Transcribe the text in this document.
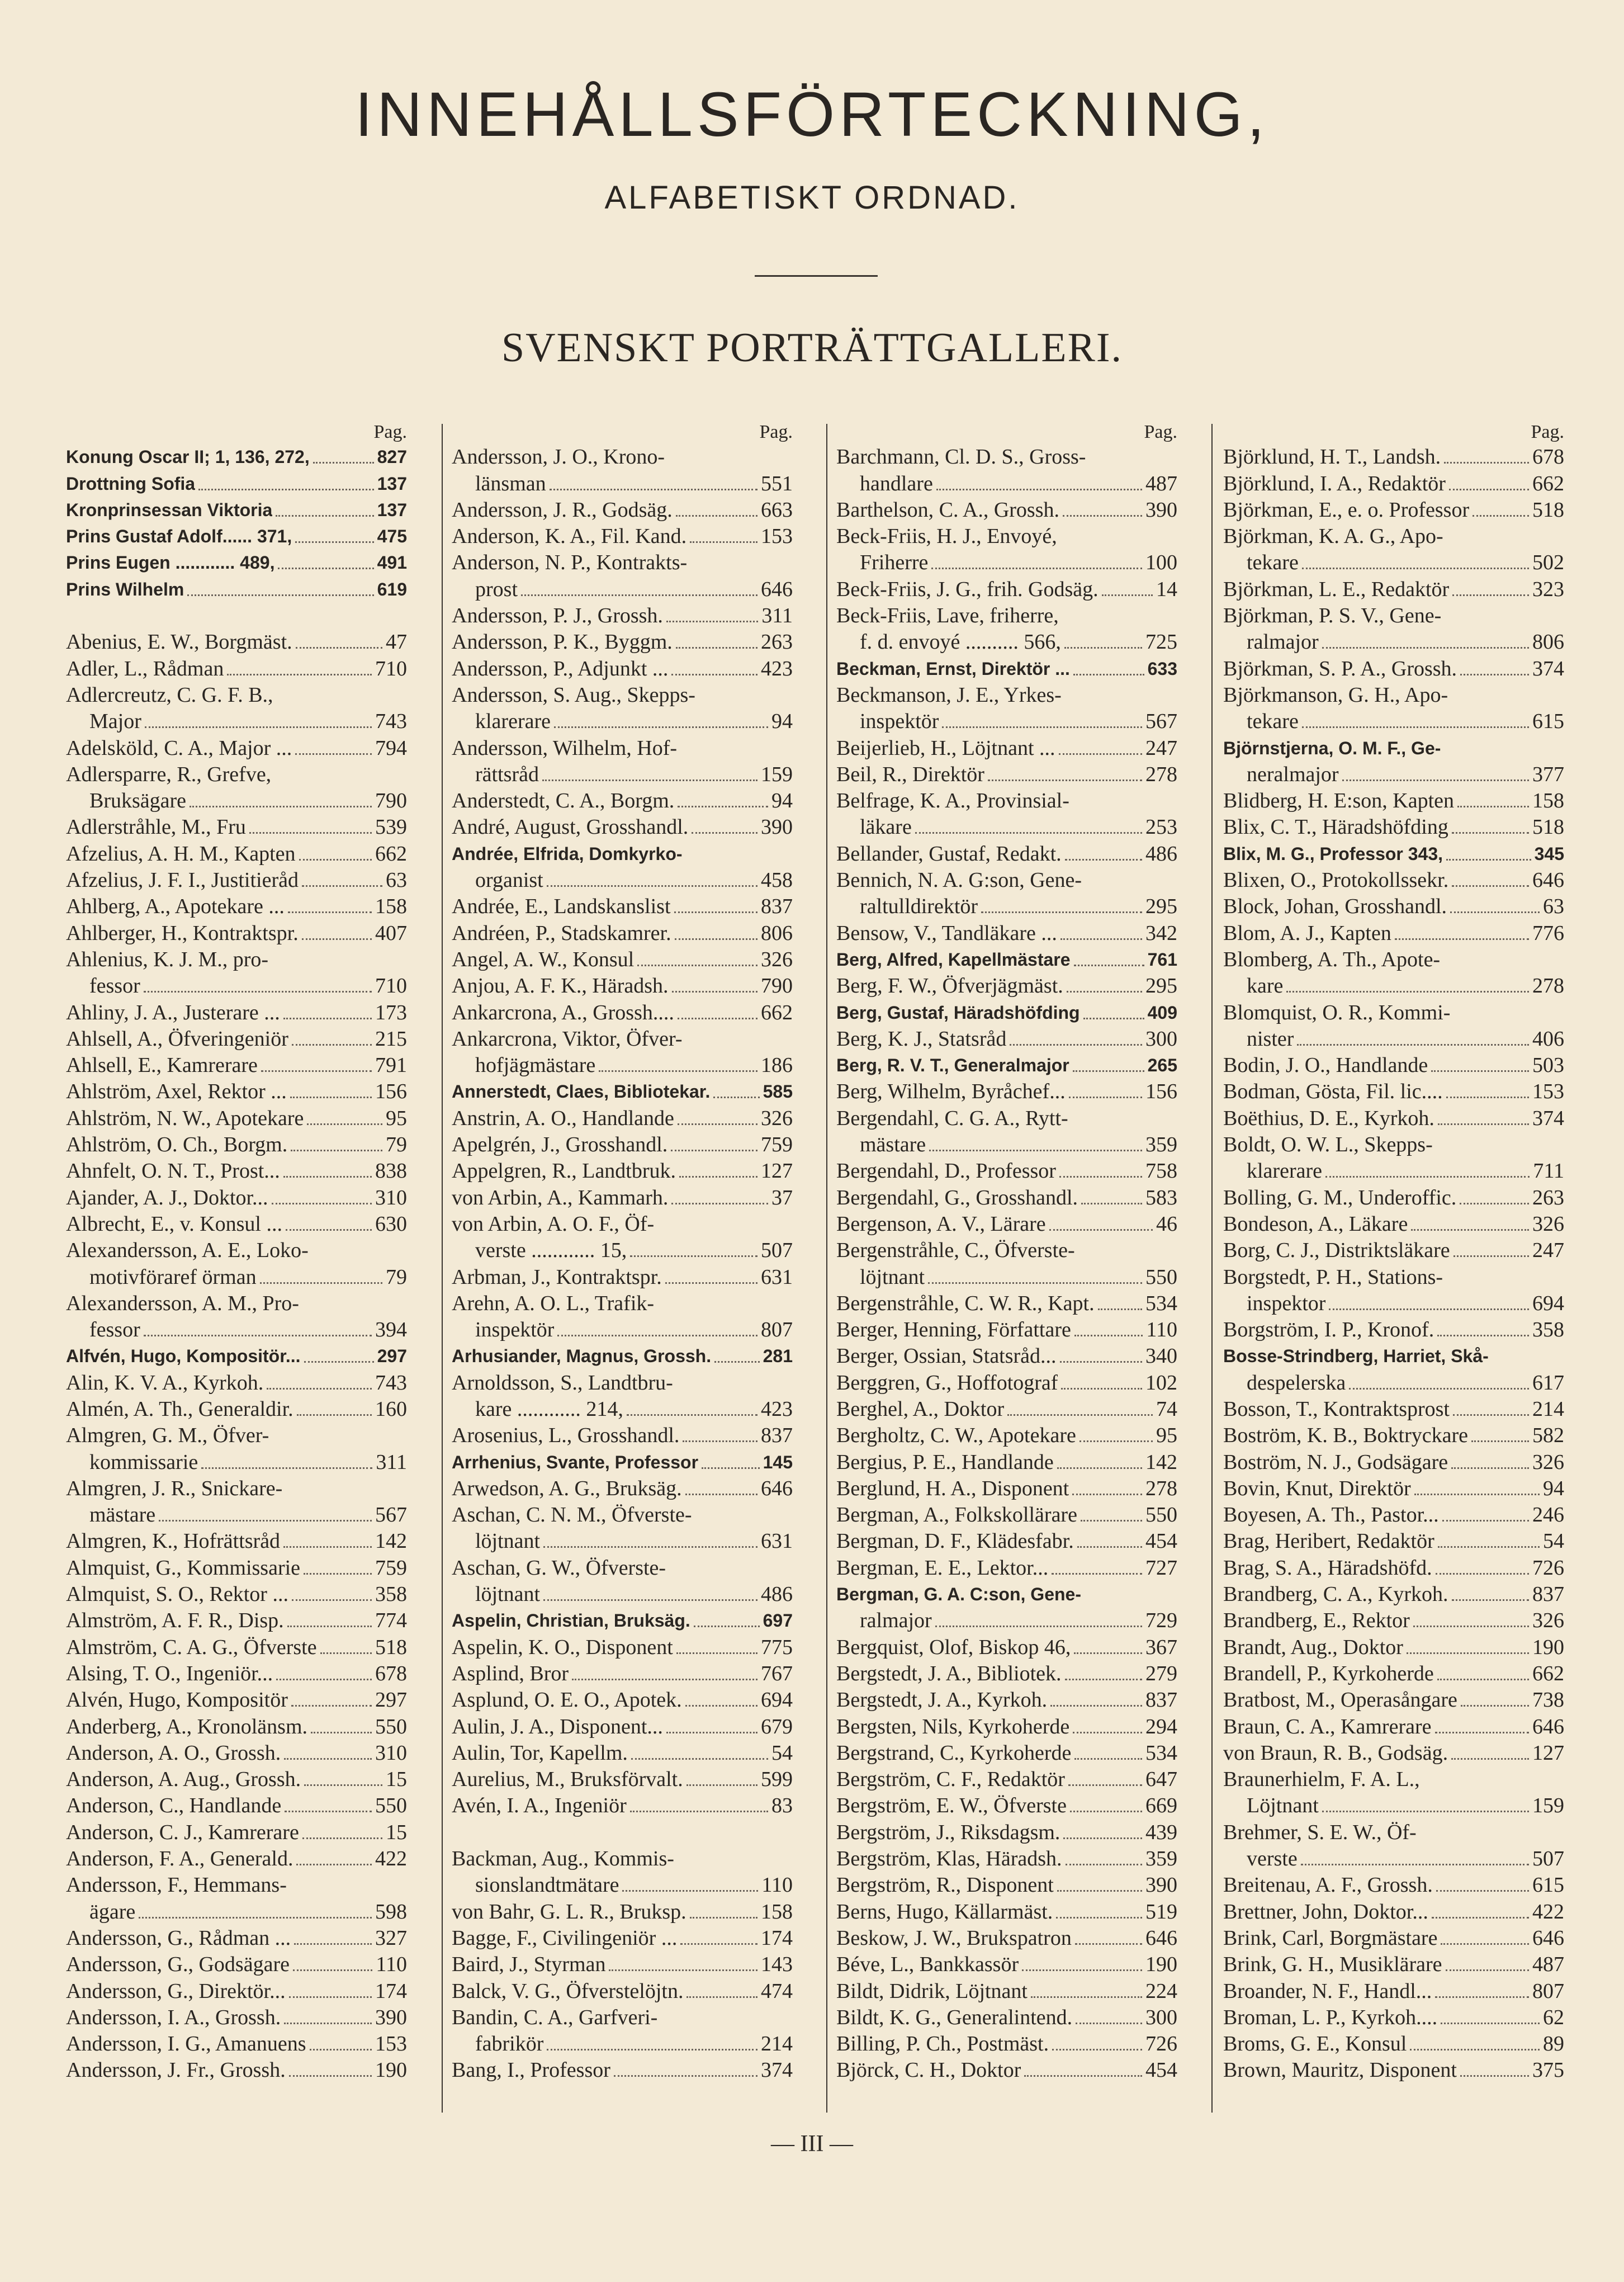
INNEHÅLLSFÖRTECKNING,
ALFABETISKT ORDNAD.
SVENSKT PORTRÄTTGALLERI.
Pag.
Konung Oscar II; 1, 136, 272,	827
Drottning Sofia	137
Kronprinsessan Viktoria	137
Prins Gustaf Adolf...... 371,	475
Prins Eugen ............ 489,	491
Prins Wilhelm	619
Abenius, E. W., Borgmäst.	47
Adler, L., Rådman	710
Adlercreutz, C. G. F. B.,
Major	743
Adelsköld, C. A., Major ...	794
Adlersparre, R., Grefve,
Bruksägare	790
Adlerstråhle, M., Fru	539
Afzelius, A. H. M., Kapten	662
Afzelius, J. F. I., Justitieråd	63
Ahlberg, A., Apotekare ...	158
Ahlberger, H., Kontraktspr.	407
Ahlenius, K. J. M., pro-
fessor	710
Ahliny, J. A., Justerare ...	173
Ahlsell, A., Öfveringeniör	215
Ahlsell, E., Kamrerare	791
Ahlström, Axel, Rektor ...	156
Ahlström, N. W., Apotekare	95
Ahlström, O. Ch., Borgm.	79
Ahnfelt, O. N. T., Prost...	838
Ajander, A. J., Doktor...	310
Albrecht, E., v. Konsul ...	630
Alexandersson, A. E., Loko-
motivföraref örman	79
Alexandersson, A. M., Pro-
fessor	394
Alfvén, Hugo, Kompositör...	297
Alin, K. V. A., Kyrkoh.	743
Almén, A. Th., Generaldir.	160
Almgren, G. M., Öfver-
kommissarie	311
Almgren, J. R., Snickare-
mästare	567
Almgren, K., Hofrättsråd	142
Almquist, G., Kommissarie	759
Almquist, S. O., Rektor ...	358
Almström, A. F. R., Disp.	774
Almström, C. A. G., Öfverste	518
Alsing, T. O., Ingeniör...	678
Alvén, Hugo, Kompositör	297
Anderberg, A., Kronolänsm.	550
Anderson, A. O., Grossh.	310
Anderson, A. Aug., Grossh.	15
Anderson, C., Handlande	550
Anderson, C. J., Kamrerare	15
Anderson, F. A., Generald.	422
Andersson, F., Hemmans-
ägare	598
Andersson, G., Rådman ...	327
Andersson, G., Godsägare	110
Andersson, G., Direktör...	174
Andersson, I. A., Grossh.	390
Andersson, I. G., Amanuens	153
Andersson, J. Fr., Grossh.	190
Pag.
Andersson, J. O., Krono-
länsman	551
Andersson, J. R., Godsäg.	663
Anderson, K. A., Fil. Kand.	153
Anderson, N. P., Kontrakts-
prost	646
Andersson, P. J., Grossh.	311
Andersson, P. K., Byggm.	263
Andersson, P., Adjunkt ...	423
Andersson, S. Aug., Skepps-
klarerare	94
Andersson, Wilhelm, Hof-
rättsråd	159
Anderstedt, C. A., Borgm.	94
André, August, Grosshandl.	390
Andrée, Elfrida, Domkyrko-
organist	458
Andrée, E., Landskanslist	837
Andréen, P., Stadskamrer.	806
Angel, A. W., Konsul	326
Anjou, A. F. K., Häradsh.	790
Ankarcrona, A., Grossh....	662
Ankarcrona, Viktor, Öfver-
hofjägmästare	186
Annerstedt, Claes, Bibliotekar.	585
Anstrin, A. O., Handlande	326
Apelgrén, J., Grosshandl.	759
Appelgren, R., Landtbruk.	127
von Arbin, A., Kammarh.	37
von Arbin, A. O. F., Öf-
verste ............ 15,	507
Arbman, J., Kontraktspr.	631
Arehn, A. O. L., Trafik-
inspektör	807
Arhusiander, Magnus, Grossh.	281
Arnoldsson, S., Landtbru-
kare ............ 214,	423
Arosenius, L., Grosshandl.	837
Arrhenius, Svante, Professor	145
Arwedson, A. G., Bruksäg.	646
Aschan, C. N. M., Öfverste-
löjtnant	631
Aschan, G. W., Öfverste-
löjtnant	486
Aspelin, Christian, Bruksäg.	697
Aspelin, K. O., Disponent	775
Asplind, Bror	767
Asplund, O. E. O., Apotek.	694
Aulin, J. A., Disponent...	679
Aulin, Tor, Kapellm.	54
Aurelius, M., Bruksförvalt.	599
Avén, I. A., Ingeniör	83
Backman, Aug., Kommis-
sionslandtmätare	110
von Bahr, G. L. R., Bruksp.	158
Bagge, F., Civilingeniör ...	174
Baird, J., Styrman	143
Balck, V. G., Öfverstelöjtn.	474
Bandin, C. A., Garfveri-
fabrikör	214
Bang, I., Professor	374
Pag.
Barchmann, Cl. D. S., Gross-
handlare	487
Barthelson, C. A., Grossh.	390
Beck-Friis, H. J., Envoyé,
Friherre	100
Beck-Friis, J. G., frih. Godsäg.	14
Beck-Friis, Lave, friherre,
f. d. envoyé .......... 566,	725
Beckman, Ernst, Direktör ...	633
Beckmanson, J. E., Yrkes-
inspektör	567
Beijerlieb, H., Löjtnant ...	247
Beil, R., Direktör	278
Belfrage, K. A., Provinsial-
läkare	253
Bellander, Gustaf, Redakt.	486
Bennich, N. A. G:son, Gene-
raltulldirektör	295
Bensow, V., Tandläkare ...	342
Berg, Alfred, Kapellmästare	761
Berg, F. W., Öfverjägmäst.	295
Berg, Gustaf, Häradshöfding	409
Berg, K. J., Statsråd	300
Berg, R. V. T., Generalmajor	265
Berg, Wilhelm, Byråchef...	156
Bergendahl, C. G. A., Rytt-
mästare	359
Bergendahl, D., Professor	758
Bergendahl, G., Grosshandl.	583
Bergenson, A. V., Lärare	46
Bergenstråhle, C., Öfverste-
löjtnant	550
Bergenstråhle, C. W. R., Kapt. 534
Berger, Henning, Författare	110
Berger, Ossian, Statsråd...	340
Berggren, G., Hoffotograf	102
Berghel, A., Doktor	74
Bergholtz, C. W., Apotekare	95
Bergius, P. E., Handlande	142
Berglund, H. A., Disponent	278
Bergman, A., Folkskollärare	550
Bergman, D. F., Klädesfabr.	454
Bergman, E. E., Lektor...	727
Bergman, G. A. C:son, Gene-
ralmajor	729
Bergquist, Olof, Biskop 46,	367
Bergstedt, J. A., Bibliotek.	279
Bergstedt, J. A., Kyrkoh.	837
Bergsten, Nils, Kyrkoherde	294
Bergstrand, C., Kyrkoherde	534
Bergström, C. F., Redaktör	647
Bergström, E. W., Öfverste	669
Bergström, J., Riksdagsm.	439
Bergström, Klas, Häradsh.	359
Bergström, R., Disponent	390
Berns, Hugo, Källarmäst.	519
Beskow, J. W., Brukspatron	646
Béve, L., Bankkassör	190
Bildt, Didrik, Löjtnant	224
Bildt, K. G., Generalintend.	300
Billing, P. Ch., Postmäst.	726
Björck, C. H., Doktor	454
Pag.
Björklund, H. T., Landsh.	678
Björklund, I. A., Redaktör	662
Björkman, E., e. o. Professor	518
Björkman, K. A. G., Apo-
tekare	502
Björkman, L. E., Redaktör	323
Björkman, P. S. V., Gene-
ralmajor	806
Björkman, S. P. A., Grossh.	374
Björkmanson, G. H., Apo-
tekare	615
Björnstjerna, O. M. F., Ge-
neralmajor	377
Blidberg, H. E:son, Kapten	158
Blix, C. T., Häradshöfding	518
Blix, M. G., Professor 343,	345
Blixen, O., Protokollssekr.	646
Block, Johan, Grosshandl.	63
Blom, A. J., Kapten	776
Blomberg, A. Th., Apote-
kare	278
Blomquist, O. R., Kommi-
nister	406
Bodin, J. O., Handlande	503
Bodman, Gösta, Fil. lic....	153
Boëthius, D. E., Kyrkoh.	374
Boldt, O. W. L., Skepps-
klarerare	711
Bolling, G. M., Underoffic.	263
Bondeson, A., Läkare	326
Borg, C. J., Distriktsläkare	247
Borgstedt, P. H., Stations-
inspektor	694
Borgström, I. P., Kronof.	358
Bosse-Strindberg, Harriet, Skå-
despelerska	617
Bosson, T., Kontraktsprost	214
Boström, K. B., Boktryckare	582
Boström, N. J., Godsägare	326
Bovin, Knut, Direktör	94
Boyesen, A. Th., Pastor...	246
Brag, Heribert, Redaktör	54
Brag, S. A., Häradshöfd.	726
Brandberg, C. A., Kyrkoh.	837
Brandberg, E., Rektor	326
Brandt, Aug., Doktor	190
Brandell, P., Kyrkoherde	662
Bratbost, M., Operasångare	738
Braun, C. A., Kamrerare	646
von Braun, R. B., Godsäg.	127
Braunerhielm, F. A. L.,
Löjtnant	159
Brehmer, S. E. W., Öf-
verste	507
Breitenau, A. F., Grossh.	615
Brettner, John, Doktor...	422
Brink, Carl, Borgmästare	646
Brink, G. H., Musiklärare	487
Broander, N. F., Handl...	807
Broman, L. P., Kyrkoh....	62
Broms, G. E., Konsul	89
Brown, Mauritz, Disponent	375
— III —
